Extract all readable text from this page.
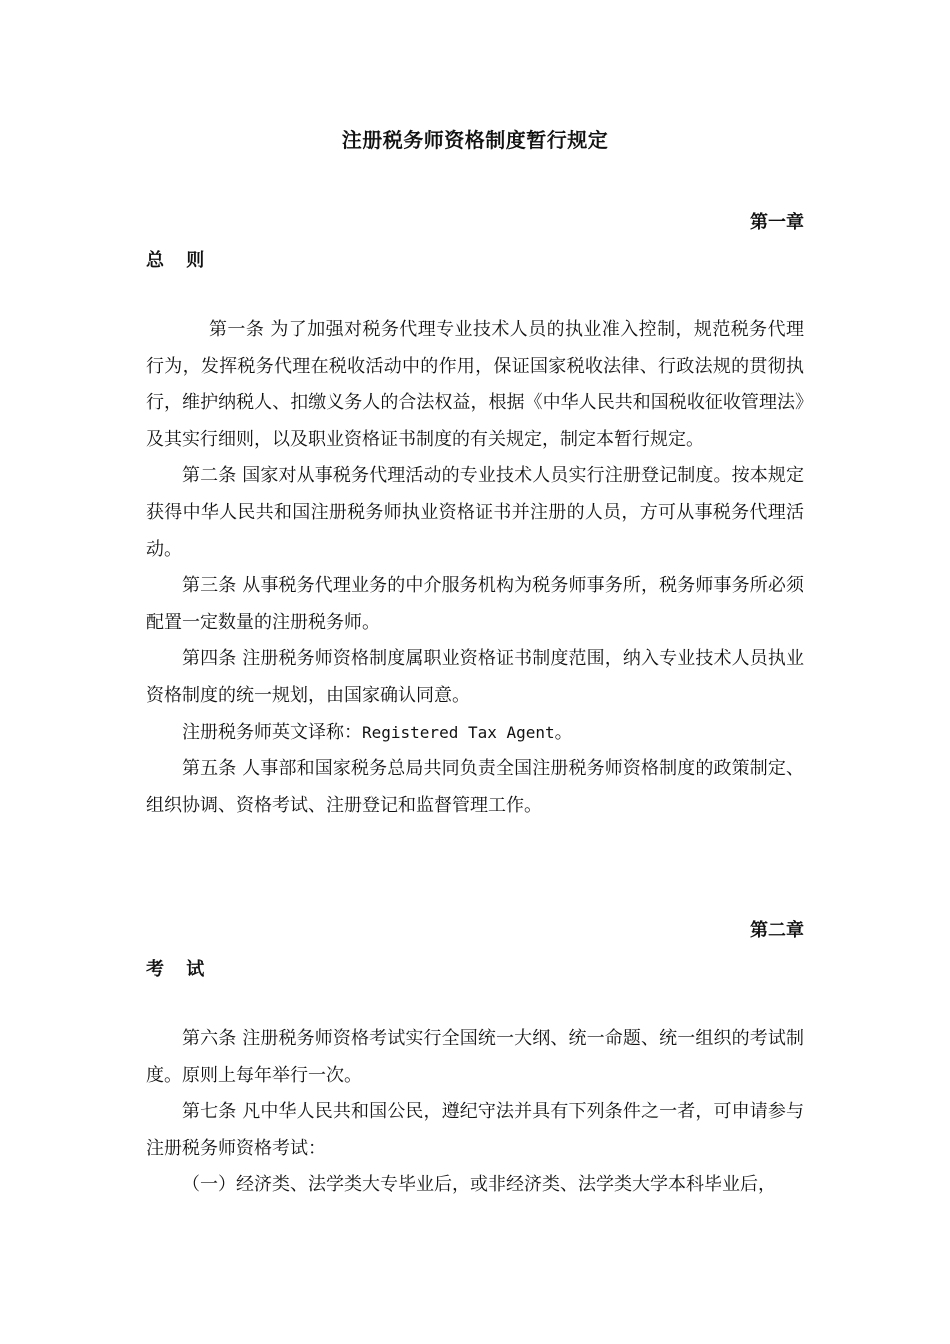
注册税务师资格制度暂行规定
第一章
总 则

第一条 为了加强对税务代理专业技术人员的执业准入控制，规范税务代理行为，发挥税务代理在税收活动中的作用，保证国家税收法律、行政法规的贯彻执行，维护纳税人、扣缴义务人的合法权益，根据《中华人民共和国税收征收管理法》及其实行细则，以及职业资格证书制度的有关规定，制定本暂行规定。

第二条 国家对从事税务代理活动的专业技术人员实行注册登记制度。按本规定获得中华人民共和国注册税务师执业资格证书并注册的人员，方可从事税务代理活动。

第三条 从事税务代理业务的中介服务机构为税务师事务所，税务师事务所必须配置一定数量的注册税务师。

第四条 注册税务师资格制度属职业资格证书制度范围，纳入专业技术人员执业资格制度的统一规划，由国家确认同意。

注册税务师英文译称：Registered Tax Agent。

第五条 人事部和国家税务总局共同负责全国注册税务师资格制度的政策制定、组织协调、资格考试、注册登记和监督管理工作。

第二章
考 试

第六条 注册税务师资格考试实行全国统一大纲、统一命题、统一组织的考试制度。原则上每年举行一次。

第七条 凡中华人民共和国公民，遵纪守法并具有下列条件之一者，可申请参与注册税务师资格考试：

（一）经济类、法学类大专毕业后，或非经济类、法学类大学本科毕业后，
